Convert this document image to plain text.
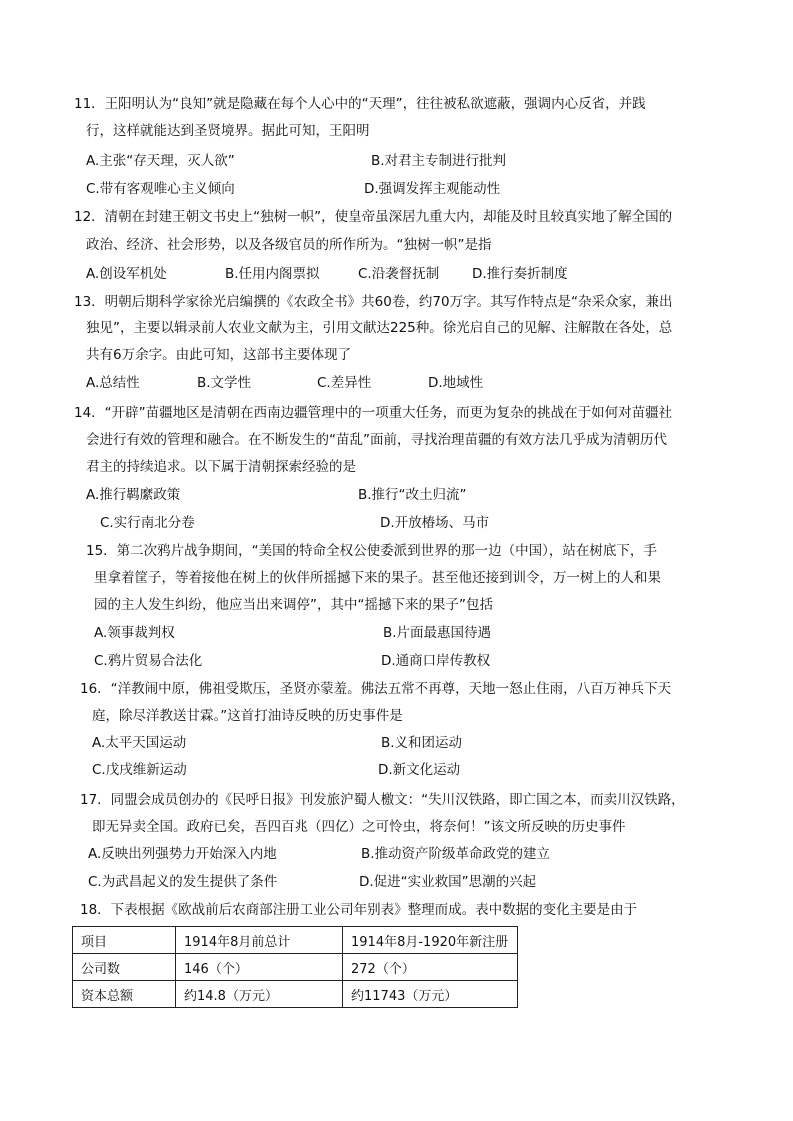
11．王阳明认为“良知”就是隐藏在每个人心中的“天理”，往往被私欲遮蔽，强调内心反省，并践
行，这样就能达到圣贤境界。据此可知，王阳明
A.主张“存天理，灭人欲”	B.对君主专制进行批判
C.带有客观唯心主义倾向	D.强调发挥主观能动性
12．清朝在封建王朝文书史上“独树一帜”，使皇帝虽深居九重大内，却能及时且较真实地了解全国的
政治、经济、社会形势，以及各级官员的所作所为。“独树一帜”是指
A.创设军机处	B.任用内阁票拟	C.沿袭督抚制 D.推行奏折制度
13．明朝后期科学家徐光启编撰的《农政全书》共60卷，约70万字。其写作特点是“杂采众家，兼出
独见”，主要以辑录前人农业文献为主，引用文献达225种。徐光启自己的见解、注解散在各处，总
共有6万余字。由此可知，这部书主要体现了
A.总结性	B.文学性	C.差异性	D.地域性
14．“开辟”苗疆地区是清朝在西南边疆管理中的一项重大任务，而更为复杂的挑战在于如何对苗疆社
会进行有效的管理和融合。在不断发生的“苗乱”面前，寻找治理苗疆的有效方法几乎成为清朝历代
君主的持续追求。以下属于清朝探索经验的是
A.推行羁縻政策	B.推行“改土归流”
C.实行南北分卷	D.开放椿场、马市
15．第二次鸦片战争期间，“美国的特命全权公使委派到世界的那一边（中国），站在树底下，手
里拿着筐子，等着接他在树上的伙伴所摇撼下来的果子。甚至他还接到训令，万一树上的人和果
园的主人发生纠纷，他应当出来调停”，其中“摇撼下来的果子”包括
A.领事裁判权	B.片面最惠国待遇
C.鸦片贸易合法化	D.通商口岸传教权
16．“洋教闹中原，佛祖受欺压，圣贤亦蒙羞。佛法五常不再尊，天地一怒止住雨，八百万神兵下天
庭，除尽洋教送甘霖。”这首打油诗反映的历史事件是
A.太平天国运动	B.义和团运动
C.戊戌维新运动	D.新文化运动
17．同盟会成员创办的《民呼日报》刊发旅沪蜀人檄文：“失川汉铁路，即亡国之本，而卖川汉铁路，
即无异卖全国。政府已矣，吾四百兆（四亿）之可怜虫，将奈何！”该文所反映的历史事件
A.反映出列强势力开始深入内地	B.推动资产阶级革命政党的建立
C.为武昌起义的发生提供了条件	D.促进“实业救国”思潮的兴起
18．下表根据《欧战前后农商部注册工业公司年别表》整理而成。表中数据的变化主要是由于
项目	1914年8月前总计	1914年8月-1920年新注册
公司数	146（个）	272（个）
资本总额	约14.8（万元）	约11743（万元）
